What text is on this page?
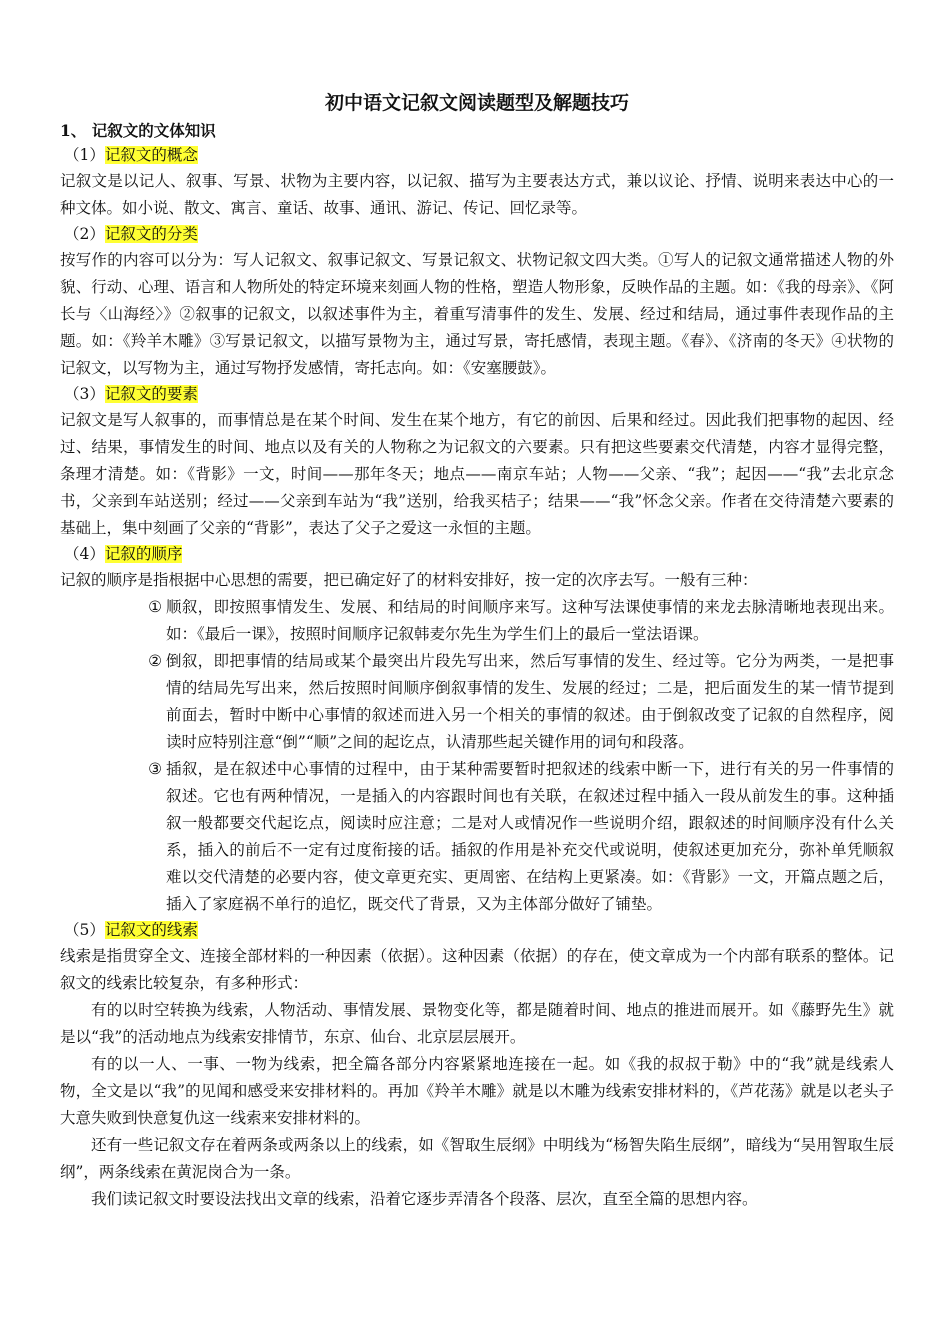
初中语文记叙文阅读题型及解题技巧
1、 记叙文的文体知识
（1）记叙文的概念

记叙文是以记人、叙事、写景、状物为主要内容，以记叙、描写为主要表达方式，兼以议论、抒情、说明来表达中心的一种文体。如小说、散文、寓言、童话、故事、通讯、游记、传记、回忆录等。

（2）记叙文的分类

按写作的内容可以分为：写人记叙文、叙事记叙文、写景记叙文、状物记叙文四大类。①写人的记叙文通常描述人物的外貌、行动、心理、语言和人物所处的特定环境来刻画人物的性格，塑造人物形象，反映作品的主题。如：《我的母亲》、《阿长与〈山海经〉》②叙事的记叙文，以叙述事件为主，着重写清事件的发生、发展、经过和结局，通过事件表现作品的主题。如：《羚羊木雕》③写景记叙文，以描写景物为主，通过写景，寄托感情，表现主题。《春》、《济南的冬天》④状物的记叙文，以写物为主，通过写物抒发感情，寄托志向。如：《安塞腰鼓》。

（3）记叙文的要素

记叙文是写人叙事的，而事情总是在某个时间、发生在某个地方，有它的前因、后果和经过。因此我们把事物的起因、经过、结果，事情发生的时间、地点以及有关的人物称之为记叙文的六要素。只有把这些要素交代清楚，内容才显得完整，条理才清楚。如：《背影》一文，时间——那年冬天；地点——南京车站；人物——父亲、“我”；起因——“我”去北京念书，父亲到车站送别；经过——父亲到车站为“我”送别，给我买桔子；结果——“我”怀念父亲。作者在交待清楚六要素的基础上，集中刻画了父亲的“背影”，表达了父子之爱这一永恒的主题。

（4）记叙的顺序

记叙的顺序是指根据中心思想的需要，把已确定好了的材料安排好，按一定的次序去写。一般有三种：

① 顺叙，即按照事情发生、发展、和结局的时间顺序来写。这种写法课使事情的来龙去脉清晰地表现出来。如：《最后一课》，按照时间顺序记叙韩麦尔先生为学生们上的最后一堂法语课。
② 倒叙，即把事情的结局或某个最突出片段先写出来，然后写事情的发生、经过等。它分为两类，一是把事情的结局先写出来，然后按照时间顺序倒叙事情的发生、发展的经过；二是，把后面发生的某一情节提到前面去，暂时中断中心事情的叙述而进入另一个相关的事情的叙述。由于倒叙改变了记叙的自然程序，阅读时应特别注意“倒”“顺”之间的起讫点，认清那些起关键作用的词句和段落。
③ 插叙，是在叙述中心事情的过程中，由于某种需要暂时把叙述的线索中断一下，进行有关的另一件事情的叙述。它也有两种情况，一是插入的内容跟时间也有关联，在叙述过程中插入一段从前发生的事。这种插叙一般都要交代起讫点，阅读时应注意；二是对人或情况作一些说明介绍，跟叙述的时间顺序没有什么关系，插入的前后不一定有过度衔接的话。插叙的作用是补充交代或说明，使叙述更加充分，弥补单凭顺叙难以交代清楚的必要内容，使文章更充实、更周密、在结构上更紧凑。如：《背影》一文，开篇点题之后，插入了家庭祸不单行的追忆，既交代了背景，又为主体部分做好了铺垫。
（5）记叙文的线索

线索是指贯穿全文、连接全部材料的一种因素（依据）。这种因素（依据）的存在，使文章成为一个内部有联系的整体。记叙文的线索比较复杂，有多种形式：

有的以时空转换为线索，人物活动、事情发展、景物变化等，都是随着时间、地点的推进而展开。如《藤野先生》就是以“我”的活动地点为线索安排情节，东京、仙台、北京层层展开。

有的以一人、一事、一物为线索，把全篇各部分内容紧紧地连接在一起。如《我的叔叔于勒》中的“我”就是线索人物，全文是以“我”的见闻和感受来安排材料的。再加《羚羊木雕》就是以木雕为线索安排材料的，《芦花荡》就是以老头子大意失败到快意复仇这一线索来安排材料的。

还有一些记叙文存在着两条或两条以上的线索，如《智取生辰纲》中明线为“杨智失陷生辰纲”，暗线为“吴用智取生辰纲”，两条线索在黄泥岗合为一条。

我们读记叙文时要设法找出文章的线索，沿着它逐步弄清各个段落、层次，直至全篇的思想内容。
